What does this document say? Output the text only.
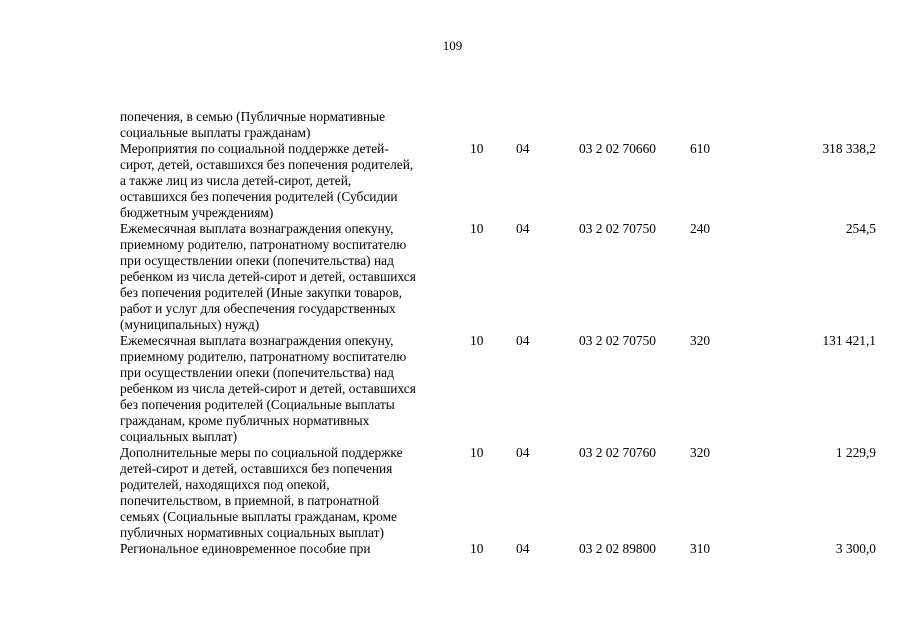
109
попечения, в семью (Публичные нормативные
социальные выплаты гражданам)
Мероприятия по социальной поддержке детей-
сирот, детей, оставшихся без попечения родителей,
а также лиц из числа детей-сирот, детей,
оставшихся без попечения родителей (Субсидии
бюджетным учреждениям)
10 04	03 2 02 70660	610	318 338,2
Ежемесячная выплата вознаграждения опекуну,
приемному родителю, патронатному воспитателю
при осуществлении опеки (попечительства) над
ребенком из числа детей-сирот и детей, оставшихся
без попечения родителей (Иные закупки товаров,
работ и услуг для обеспечения государственных
(муниципальных) нужд)
10 04	03 2 02 70750	240	254,5
Ежемесячная выплата вознаграждения опекуну,
приемному родителю, патронатному воспитателю
при осуществлении опеки (попечительства) над
ребенком из числа детей-сирот и детей, оставшихся
без попечения родителей (Социальные выплаты
гражданам, кроме публичных нормативных
социальных выплат)
10 04	03 2 02 70750	320	131 421,1
Дополнительные меры по социальной поддержке
детей-сирот и детей, оставшихся без попечения
родителей, находящихся под опекой,
попечительством, в приемной, в патронатной
семьях (Социальные выплаты гражданам, кроме
публичных нормативных социальных выплат)
10 04	03 2 02 70760	320	1 229,9
Региональное единовременное пособие при	10 04	03 2 02 89800	310	3 300,0
